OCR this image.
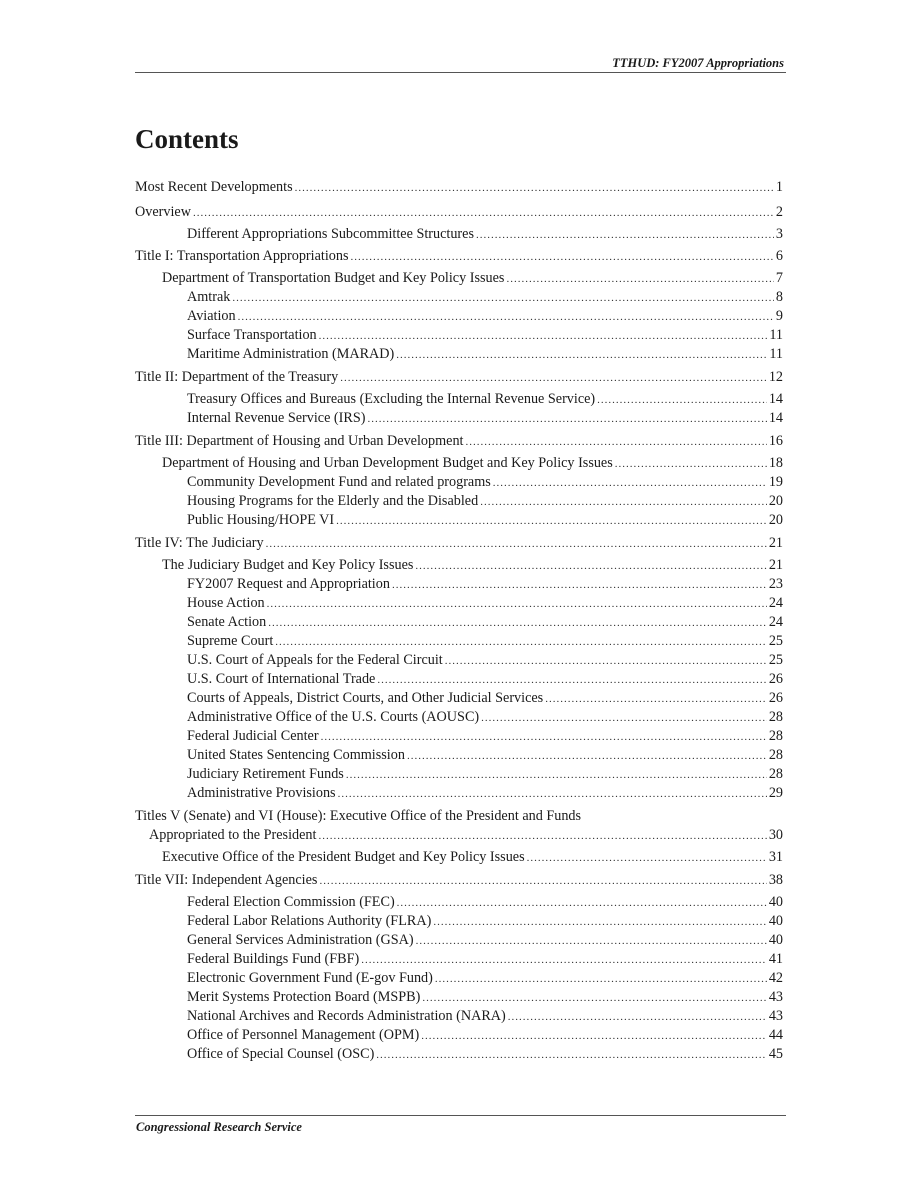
TTHUD: FY2007 Appropriations
Contents
Most Recent Developments .....	1
Overview .....	2
Different Appropriations Subcommittee Structures .....	3
Title I: Transportation Appropriations .....	6
Department of Transportation Budget and Key Policy Issues .....	7
Amtrak .....	8
Aviation .....	9
Surface Transportation .....	11
Maritime Administration (MARAD) .....	11
Title II: Department of the Treasury .....	12
Treasury Offices and Bureaus (Excluding the Internal Revenue Service) .....	14
Internal Revenue Service (IRS) .....	14
Title III: Department of Housing and Urban Development .....	16
Department of Housing and Urban Development Budget and Key Policy Issues .....	18
Community Development Fund and related programs .....	19
Housing Programs for the Elderly and the Disabled .....	20
Public Housing/HOPE VI .....	20
Title IV: The Judiciary .....	21
The Judiciary Budget and Key Policy Issues .....	21
FY2007 Request and Appropriation .....	23
House Action .....	24
Senate Action .....	24
Supreme Court .....	25
U.S. Court of Appeals for the Federal Circuit .....	25
U.S. Court of International Trade .....	26
Courts of Appeals, District Courts, and Other Judicial Services .....	26
Administrative Office of the U.S. Courts (AOUSC) .....	28
Federal Judicial Center .....	28
United States Sentencing Commission .....	28
Judiciary Retirement Funds .....	28
Administrative Provisions .....	29
Titles V (Senate) and VI (House): Executive Office of the President and Funds
Appropriated to the President .....	30
Executive Office of the President Budget and Key Policy Issues .....	31
Title VII: Independent Agencies .....	38
Federal Election Commission (FEC) .....	40
Federal Labor Relations Authority (FLRA) .....	40
General Services Administration (GSA) .....	40
Federal Buildings Fund (FBF) .....	41
Electronic Government Fund (E-gov Fund) .....	42
Merit Systems Protection Board (MSPB) .....	43
National Archives and Records Administration (NARA) .....	43
Office of Personnel Management (OPM) .....	44
Office of Special Counsel (OSC) .....	45
Congressional Research Service
